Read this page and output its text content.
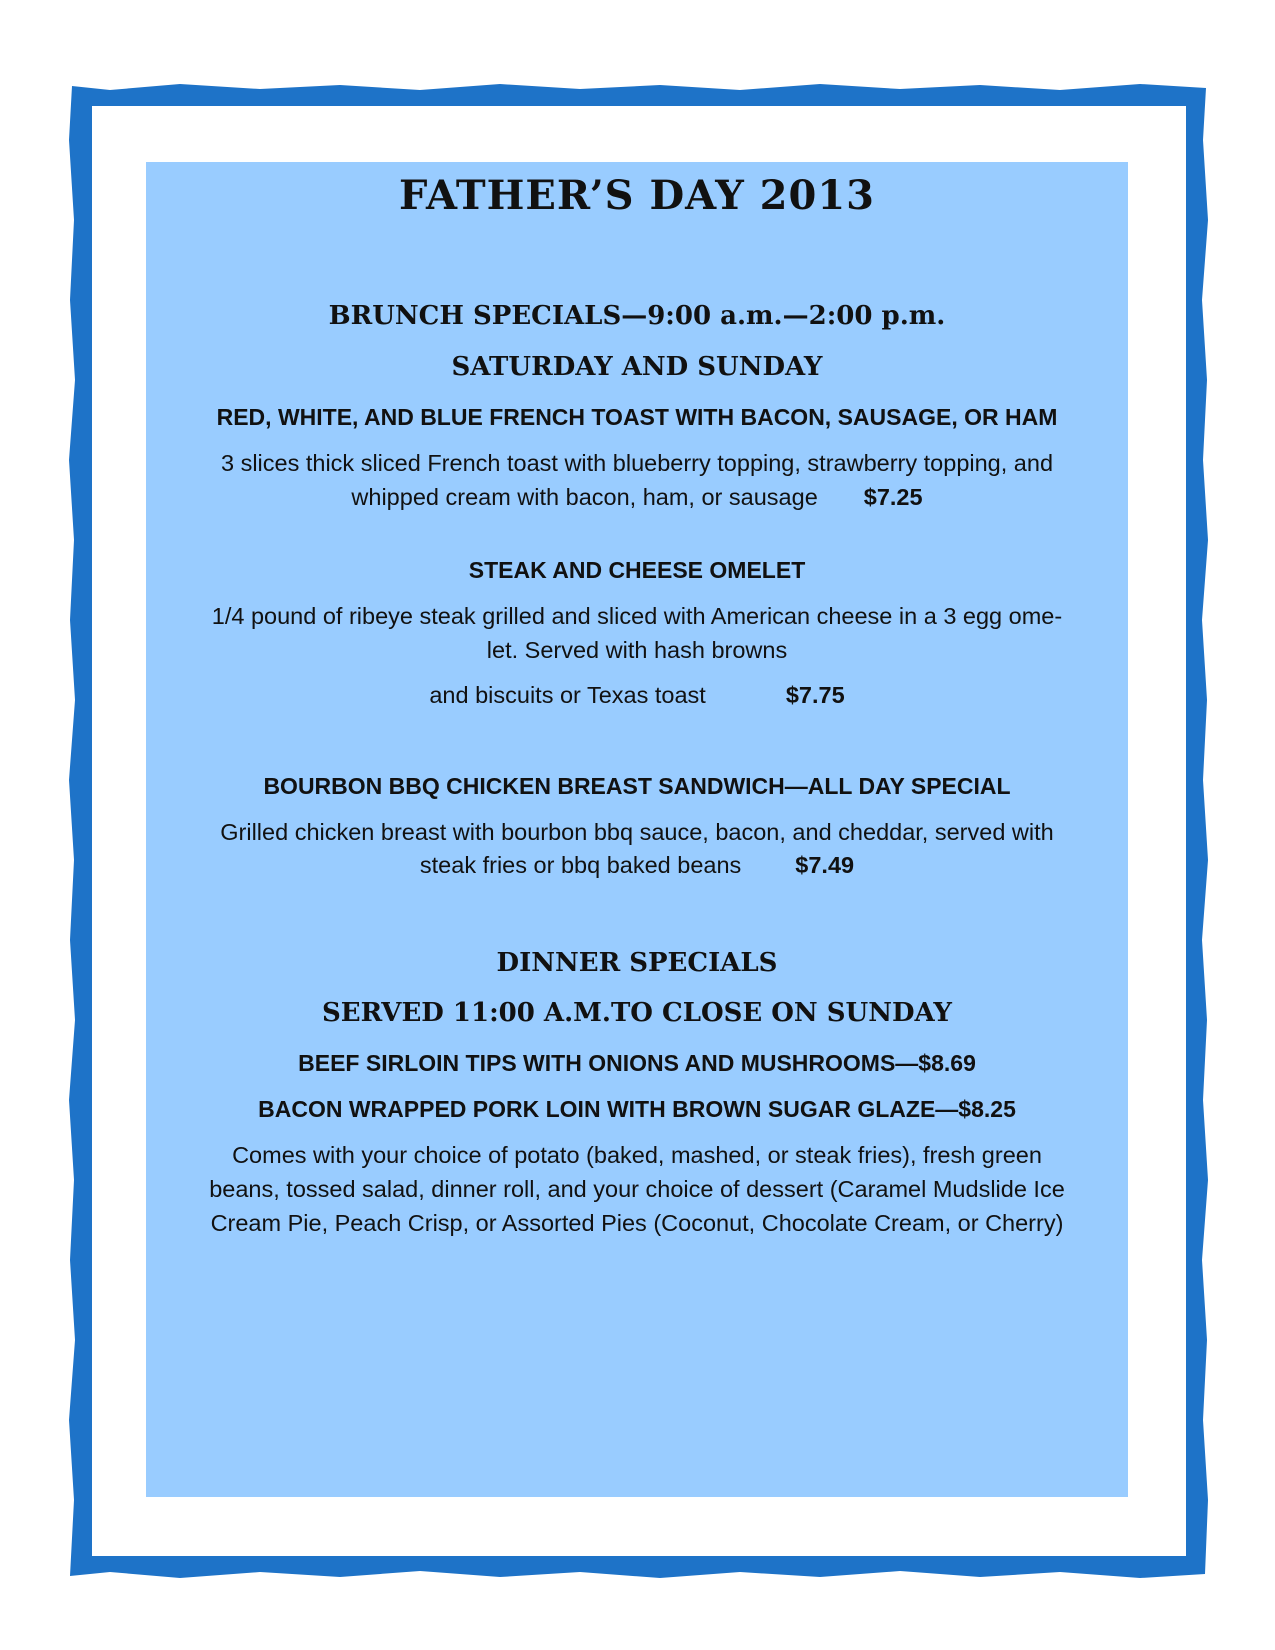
FATHER’S DAY 2013
BRUNCH SPECIALS—9:00 a.m.—2:00 p.m.
SATURDAY AND SUNDAY
RED, WHITE, AND BLUE FRENCH TOAST WITH BACON, SAUSAGE, OR HAM
3 slices thick sliced French toast with blueberry topping, strawberry topping, and
whipped cream with bacon, ham, or sausage $7.25
STEAK AND CHEESE OMELET
1/4 pound of ribeye steak grilled and sliced with American cheese in a 3 egg ome-
let. Served with hash browns
and biscuits or Texas toast	$7.75
BOURBON BBQ CHICKEN BREAST SANDWICH—ALL DAY SPECIAL
Grilled chicken breast with bourbon bbq sauce, bacon, and cheddar, served with
steak fries or bbq baked beans $7.49
DINNER SPECIALS
SERVED 11:00 A.M.TO CLOSE ON SUNDAY
BEEF SIRLOIN TIPS WITH ONIONS AND MUSHROOMS—$8.69
BACON WRAPPED PORK LOIN WITH BROWN SUGAR GLAZE—$8.25
Comes with your choice of potato (baked, mashed, or steak fries), fresh green
beans, tossed salad, dinner roll, and your choice of dessert (Caramel Mudslide Ice
Cream Pie, Peach Crisp, or Assorted Pies (Coconut, Chocolate Cream, or Cherry)
